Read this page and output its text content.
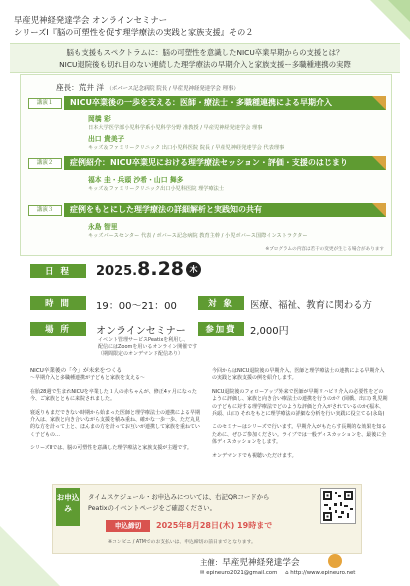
早産児神経発達学会 オンラインセミナー
シリーズⅠ『脳の可塑性を促す理学療法の実践と家族支援』その２
脳も支援もスペクトラムに：脳の可塑性を意識したNICU卒業早期からの支援とは？
NICU退院後も切れ目のない連続した理学療法の早期介入と家族支援ー多職種連携の実際
座長：荒井 洋 （ボバース記念病院 院長 / 早産児神経発達学会 理事）
講演１	NICU卒業後の一歩を支える：医師・療法士・多職種連携による早期介入
岡橋 彩
日本大学医学部小児科学系小児科学分野 准教授 / 早産児神経発達学会 理事
出口 貴美子
キッズ＆ファミリークリニック 出口小児科医院 院長 / 早産児神経発達学会 代表理事
講演２	症例紹介：NICU卒業児における理学療法セッション・評価・支援のはじまり
福本 圭・兵頭 沙希・山口 舞多
キッズ＆ファミリークリニック出口小児科医院 理学療法士
講演３	症例をもとにした理学療法の詳細解析と実践知の共有
永島 智里
キッズバースセンター 代表 / ボバース記念病院 教育主幹 / 小児ボバース国際インストラクター
※プログラムの内容は若干の変更が生じる場合があります
日 程	2025.8.28 木
時 間	19：00～21：00	対 象	医療、福祉、教育に関わる方
場 所	オンラインセミナー
イベント管理サービスPeatixを利用し、
配信にはZoomを用いるオンライン開催です
（期間限定のオンデマンド配信あり）
参加費	2,000円

NICU卒業後の「今」が未来をつくる

〜早期介入と多職種連携が子どもと家族を支える〜

在胎28週で生まれNICUを卒業した１人の赤ちゃんが、修正4ヶ月になった今、ご家族とともに来院されました。

寝返りもまだできない時期から始まった医師と理学療法士の連携による早期介入は、家族と向き合いながら支援を積み重ね、確かな一歩一歩、ただ丸見的な方を計って上と、ほんまの方を計ってお互いが連携して家族を重ねていく子どもの…

シリーズⅡでは、脳の可塑性を意識した理学療法と家族支援が主題です。

今回からはNICU退院後の早期介入、医師と理学療法士の連携による早期介入の実践と家族支援の例を紹介します。

NICU退院後のフォローアップ外来で医師が早期リハビリ介入の必要性をどのように評価し、家族と向き合い療法士の連携を行うのか？(岡橋、出口) 乳児期の子どもに対する理学療法でどのような評価と介入がされているのか(福本、兵頭、山口) それをもとに理学療法の詳細な分析を行い実践に役立てる(永島)

このセミナーはシリーズで行います。早期介入がもたらす長期的な効果を知るために、ぜひご参加ください。ライブでは一般ディスカッションを、最後に全体ディスカッションをします。

オンデマンドでも視聴いただけます。

お申込み
タイムスケジュール・お申込みについては、右記QRコードから
Peatixのイベントページをご確認ください。
申込締切	2025年8月28日(木) 19時まで
※コンビニ / ATMでのお支払いは、申込締切の前日までとなります。
主催：早産児神経発達学会
✉ epineuro2021@gmail.com ⌂ http://www.epineuro.net
